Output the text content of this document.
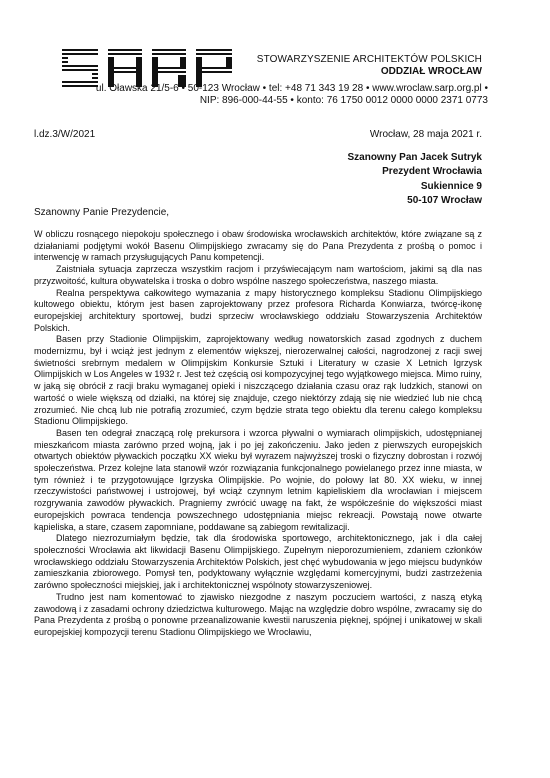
STOWARZYSZENIE ARCHITEKTÓW POLSKICH
ODDZIAŁ WROCŁAW
ul. Oławska 21/5-6 • 50-123 Wrocław • tel: +48 71 343 19 28 • www.wroclaw.sarp.org.pl •
NIP: 896-000-44-55 • konto: 76 1750 0012 0000 0000 2371 0773
l.dz.3/W/2021	Wrocław, 28 maja 2021 r.
Szanowny Pan Jacek Sutryk
Prezydent Wrocławia
Sukiennice 9
50-107 Wrocław
Szanowny Panie Prezydencie,

W obliczu rosnącego niepokoju społecznego i obaw środowiska wrocławskich architektów, które związane są z działaniami podjętymi wokół Basenu Olimpijskiego zwracamy się do Pana Prezydenta z prośbą o pomoc i interwencję w ramach przysługujących Panu kompetencji.

Zaistniała sytuacja zaprzecza wszystkim racjom i przyświecającym nam wartościom, jakimi są dla nas przyzwoitość, kultura obywatelska i troska o dobro wspólne naszego społeczeństwa, naszego miasta.

Realna perspektywa całkowitego wymazania z mapy historycznego kompleksu Stadionu Olimpijskiego kultowego obiektu, którym jest basen zaprojektowany przez profesora Richarda Konwiarza, twórcę-ikonę europejskiej architektury sportowej, budzi sprzeciw wrocławskiego oddziału Stowarzyszenia Architektów Polskich.

Basen przy Stadionie Olimpijskim, zaprojektowany według nowatorskich zasad zgodnych z duchem modernizmu, był i wciąż jest jednym z elementów większej, nierozerwalnej całości, nagrodzonej z racji swej świetności srebrnym medalem w Olimpijskim Konkursie Sztuki i Literatury w czasie X Letnich Igrzysk Olimpijskich w Los Angeles w 1932 r. Jest też częścią osi kompozycyjnej tego wyjątkowego miejsca. Mimo ruiny, w jaką się obrócił z racji braku wymaganej opieki i niszczącego działania czasu oraz rąk ludzkich, stanowi on wartość o wiele większą od działki, na której się znajduje, czego niektórzy zdają się nie wiedzieć lub nie chcą zrozumieć. Nie chcą lub nie potrafią zrozumieć, czym będzie strata tego obiektu dla terenu całego kompleksu Stadionu Olimpijskiego.

Basen ten odegrał znaczącą rolę prekursora i wzorca pływalni o wymiarach olimpijskich, udostępnianej mieszkańcom miasta zarówno przed wojną, jak i po jej zakończeniu. Jako jeden z pierwszych europejskich otwartych obiektów pływackich początku XX wieku był wyrazem najwyższej troski o fizyczny dobrostan i rozwój społeczeństwa. Przez kolejne lata stanowił wzór rozwiązania funkcjonalnego powielanego przez inne miasta, w tym również i te przygotowujące Igrzyska Olimpijskie. Po wojnie, do połowy lat 80. XX wieku, w innej rzeczywistości państwowej i ustrojowej, był wciąż czynnym letnim kąpieliskiem dla wrocławian i miejscem rozgrywania zawodów pływackich. Pragniemy zwrócić uwagę na fakt, że współcześnie do większości miast europejskich powraca tendencja powszechnego udostępniania miejsc rekreacji. Powstają nowe otwarte kąpieliska, a stare, czasem zapomniane, poddawane są zabiegom rewitalizacji.

Dlatego niezrozumiałym będzie, tak dla środowiska sportowego, architektonicznego, jak i dla całej społeczności Wrocławia akt likwidacji Basenu Olimpijskiego. Zupełnym nieporozumieniem, zdaniem członków wrocławskiego oddziału Stowarzyszenia Architektów Polskich, jest chęć wybudowania w jego miejscu budynków zamieszkania zbiorowego. Pomysł ten, podyktowany wyłącznie względami komercyjnymi, budzi zastrzeżenia zarówno społeczności miejskiej, jak i architektonicznej wspólnoty stowarzyszeniowej.

Trudno jest nam komentować to zjawisko niezgodne z naszym poczuciem wartości, z naszą etyką zawodową i z zasadami ochrony dziedzictwa kulturowego. Mając na względzie dobro wspólne, zwracamy się do Pana Prezydenta z prośbą o ponowne przeanalizowanie kwestii naruszenia pięknej, spójnej i unikatowej w skali europejskiej kompozycji terenu Stadionu Olimpijskiego we Wrocławiu,
